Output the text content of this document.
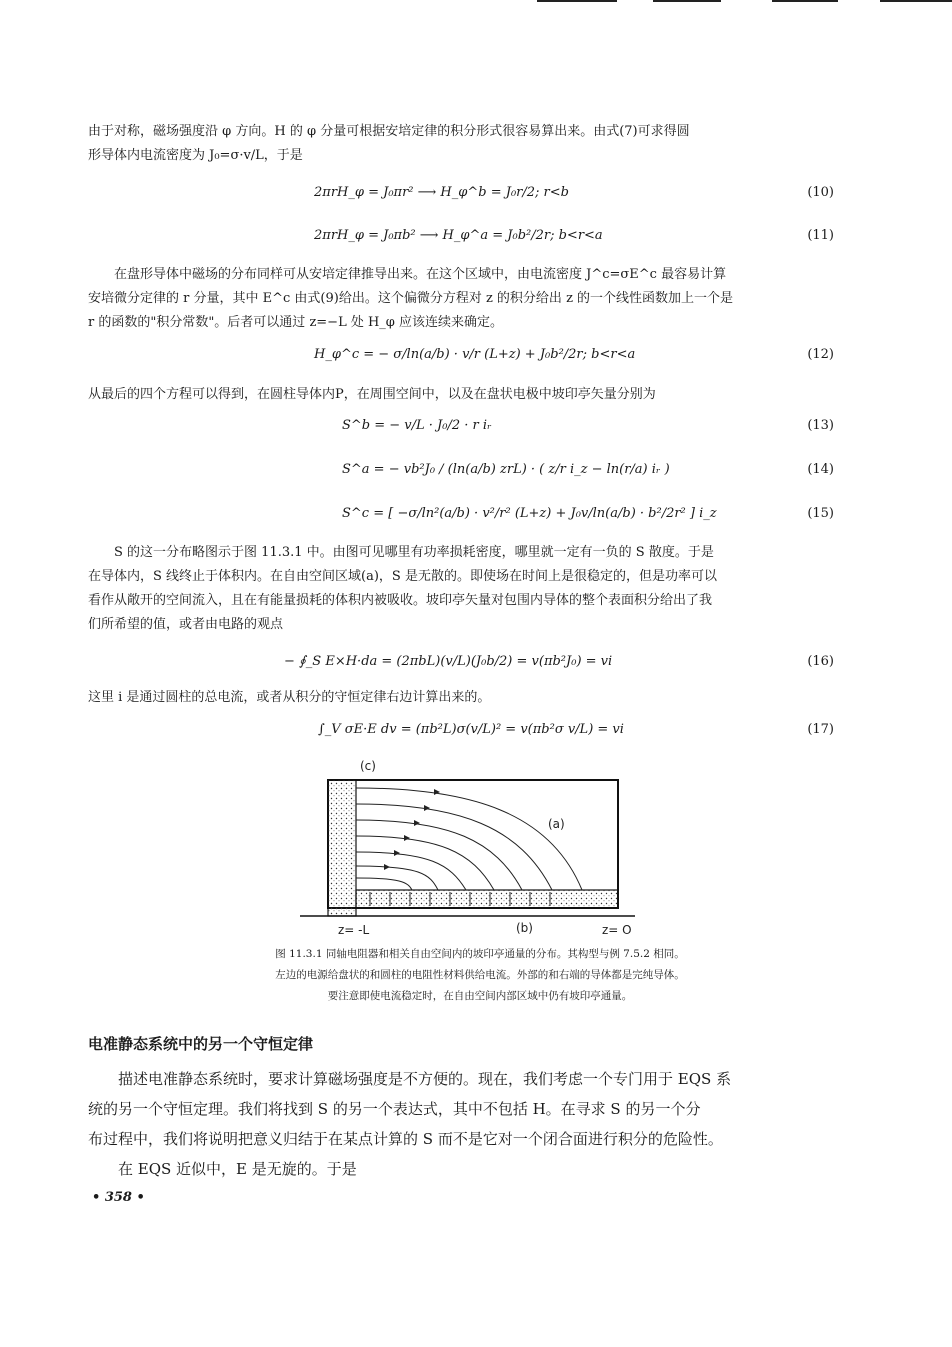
由于对称，磁场强度沿 φ 方向。H 的 φ 分量可根据安培定律的积分形式很容易算出来。由式(7)可求得圆

形导体内电流密度为 J₀=σ·v/L，于是

2πrH_φ = J₀πr² ⟶ H_φ^b = J₀r/2; r<b	(10)
2πrH_φ = J₀πb² ⟶ H_φ^a = J₀b²/2r; b<r<a	(11)

在盘形导体中磁场的分布同样可从安培定律推导出来。在这个区域中，由电流密度 J^c=σE^c 最容易计算

安培微分定律的 r 分量，其中 E^c 由式(9)给出。这个偏微分方程对 z 的积分给出 z 的一个线性函数加上一个是

r 的函数的"积分常数"。后者可以通过 z=−L 处 H_φ 应该连续来确定。

H_φ^c = − σ/ln(a/b) · v/r (L+z) + J₀b²/2r; b<r<a	(12)

从最后的四个方程可以得到，在圆柱导体内P，在周围空间中，以及在盘状电极中坡印亭矢量分别为

S^b = − v/L · J₀/2 · r iᵣ	(13)
S^a = − vb²J₀ / (ln(a/b) zrL) · ( z/r i_z − ln(r/a) iᵣ )	(14)
S^c = [ −σ/ln²(a/b) · v²/r² (L+z) + J₀v/ln(a/b) · b²/2r² ] i_z	(15)

S 的这一分布略图示于图 11.3.1 中。由图可见哪里有功率损耗密度，哪里就一定有一负的 S 散度。于是

在导体内，S 线终止于体积内。在自由空间区域(a)，S 是无散的。即使场在时间上是很稳定的，但是功率可以

看作从敞开的空间流入，且在有能量损耗的体积内被吸收。坡印亭矢量对包围内导体的整个表面积分给出了我

们所希望的值，或者由电路的观点

− ∮_S E×H·da = (2πbL)(v/L)(J₀b/2) = v(πb²J₀) = vi	(16)

这里 i 是通过圆柱的总电流，或者从积分的守恒定律右边计算出来的。

∫_V σE·E dv = (πb²L)σ(v/L)² = v(πb²σ v/L) = vi	(17)
(c)
(a)
(b)
z= -L	z= O

图 11.3.1 同轴电阻器和相关自由空间内的坡印亭通量的分布。其构型与例 7.5.2 相同。

左边的电源给盘状的和圆柱的电阻性材料供给电流。外部的和右端的导体都是完纯导体。

要注意即使电流稳定时，在自由空间内部区域中仍有坡印亭通量。

电准静态系统中的另一个守恒定律

描述电准静态系统时，要求计算磁场强度是不方便的。现在，我们考虑一个专门用于 EQS 系

统的另一个守恒定理。我们将找到 S 的另一个表达式，其中不包括 H。在寻求 S 的另一个分

布过程中，我们将说明把意义归结于在某点计算的 S 而不是它对一个闭合面进行积分的危险性。

在 EQS 近似中，E 是无旋的。于是

• 358 •
